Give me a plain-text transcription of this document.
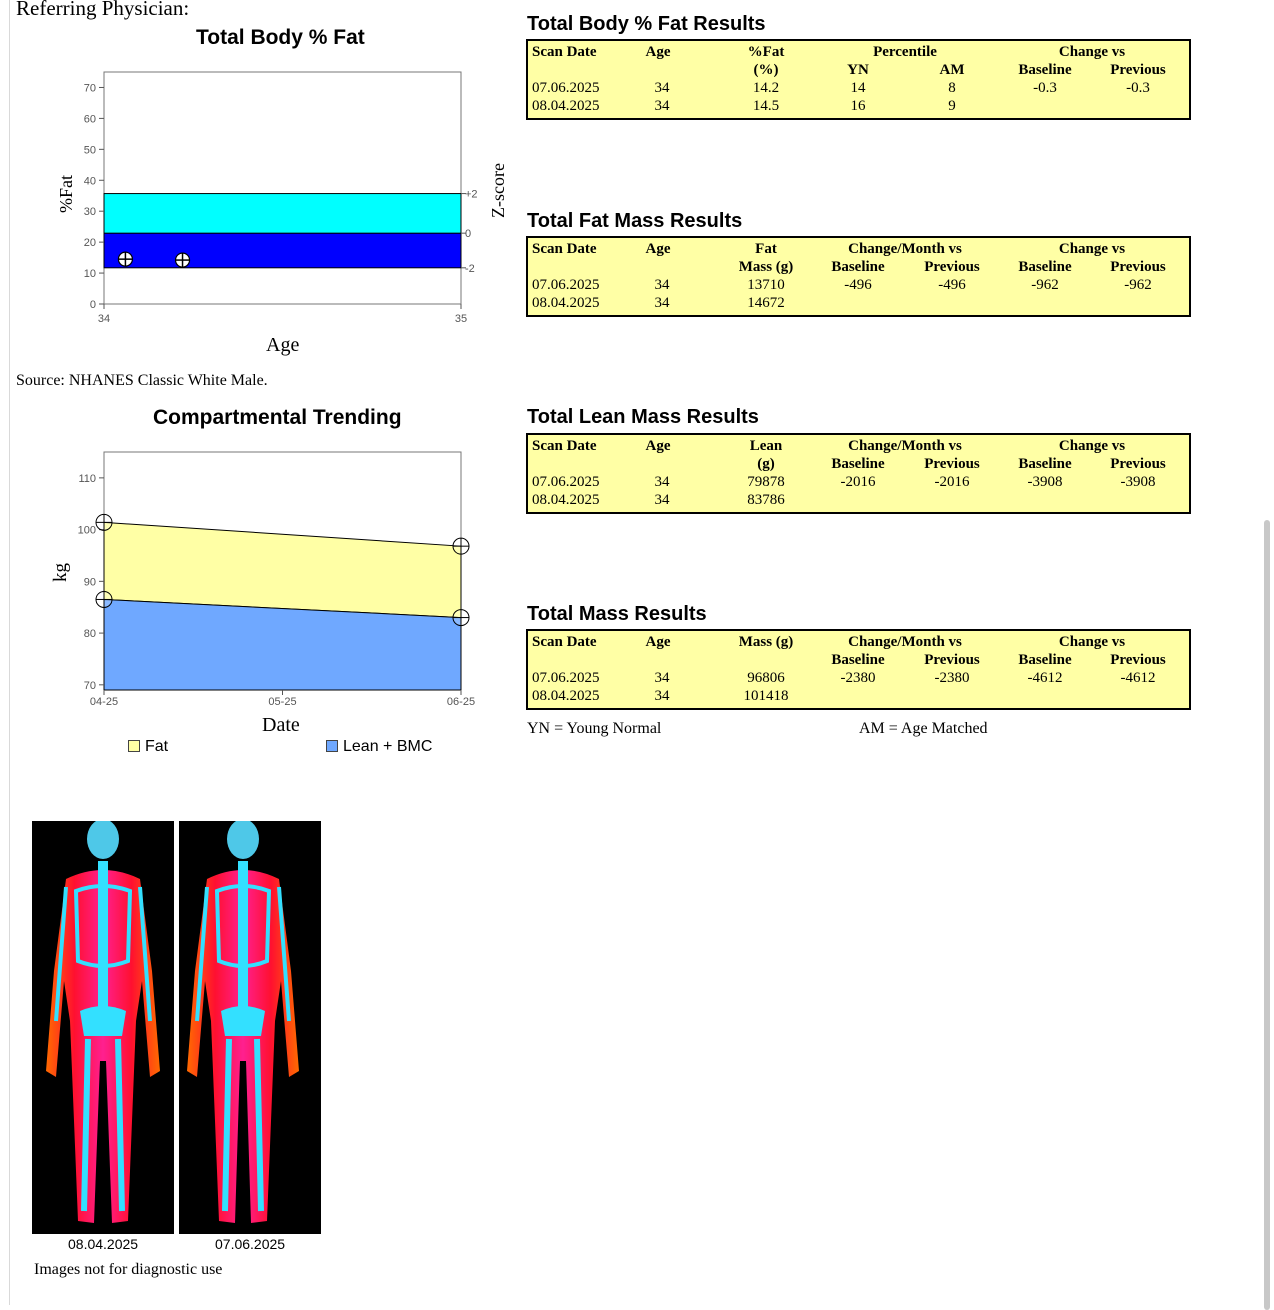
Referring Physician:
Total Body % Fat
%Fat	Z-score
0
10
20
30
40
50
60
70
34	35
+2
0
-2
Age
Source: NHANES Classic White Male.
Compartmental Trending
kg
70
80
90
100
110
04-25	05-25	06-25
Date
Fat	Lean + BMC
Total Body % Fat Results
Scan Date	Age	%Fat
(%)
Percentile
YN	AM
Change vs
Baseline	Previous
07.06.2025	34	14.2	14	8	-0.3	-0.3
08.04.2025	34	14.5	16	9
Total Fat Mass Results
Scan Date	Age	Fat
Mass (g)
Change/Month vs
Baseline	Previous
Change vs
Baseline	Previous
07.06.2025	34	13710	-496	-496	-962	-962
08.04.2025	34	14672
Total Lean Mass Results
Scan Date	Age	Lean
(g)
Change/Month vs
Baseline	Previous
Change vs
Baseline	Previous
07.06.2025	34	79878	-2016	-2016	-3908	-3908
08.04.2025	34	83786
Total Mass Results
Scan Date	Age	Mass (g)	Change/Month vs
Baseline	Previous
Change vs
Baseline	Previous
07.06.2025	34	96806	-2380	-2380	-4612	-4612
08.04.2025	34	101418
YN = Young Normal	AM = Age Matched
08.04.2025	07.06.2025
Images not for diagnostic use
